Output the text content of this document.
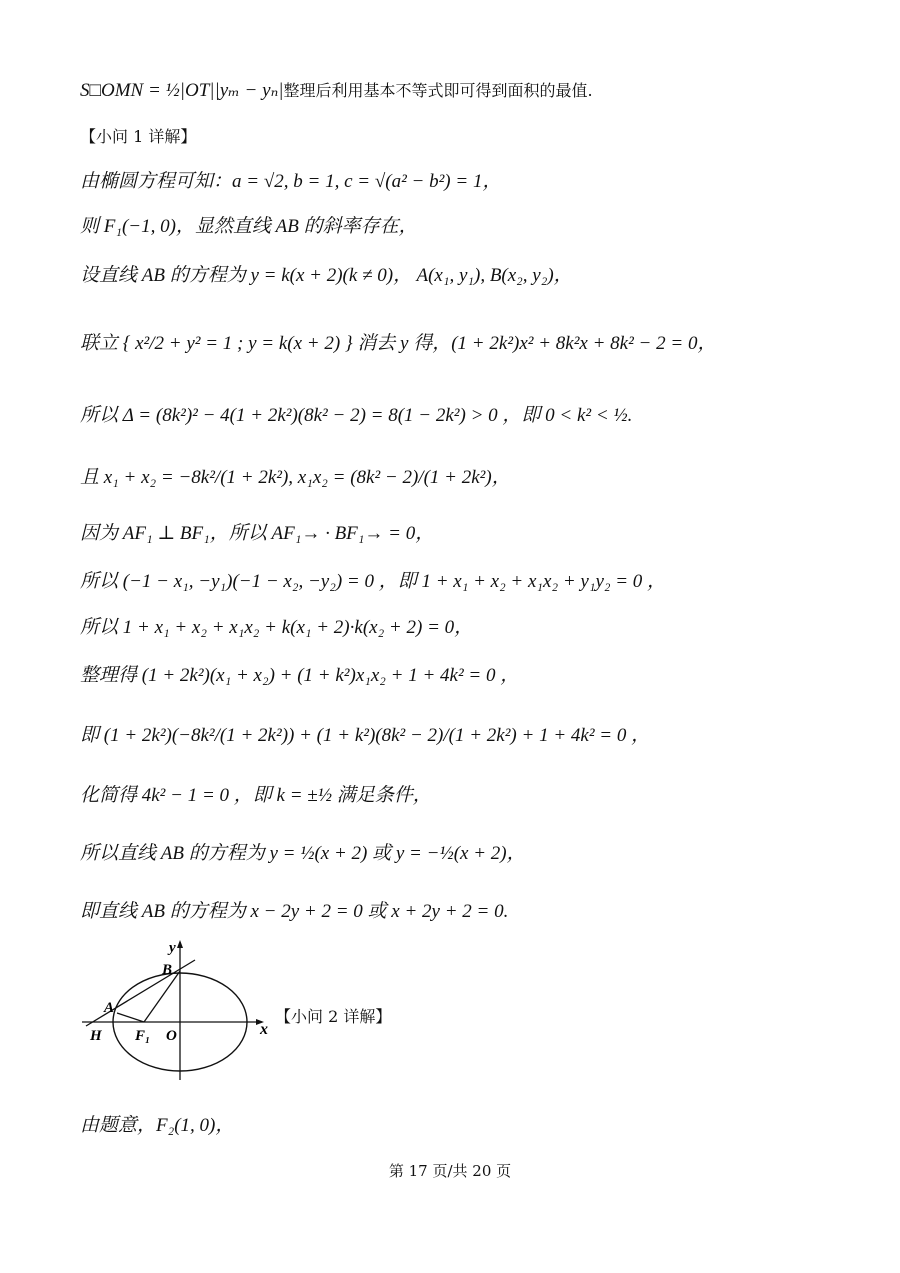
S□OMN = ½|OT||yₘ − yₙ|整理后利用基本不等式即可得到面积的最值.
【小问 1 详解】
由椭圆方程可知：a = √2, b = 1, c = √(a² − b²) = 1，
则 F₁(−1, 0)，显然直线 AB 的斜率存在，
设直线 AB 的方程为 y = k(x + 2)(k ≠ 0)， A(x₁, y₁), B(x₂, y₂)，
联立 { x²/2 + y² = 1 ; y = k(x + 2) } 消去 y 得，(1 + 2k²)x² + 8k²x + 8k² − 2 = 0，
所以 Δ = (8k²)² − 4(1 + 2k²)(8k² − 2) = 8(1 − 2k²) > 0 ，即 0 < k² < ½.
且 x₁ + x₂ = −8k²/(1 + 2k²), x₁x₂ = (8k² − 2)/(1 + 2k²)，
因为 AF₁ ⊥ BF₁，所以 AF₁→ · BF₁→ = 0，
所以 (−1 − x₁, −y₁)(−1 − x₂, −y₂) = 0 ，即 1 + x₁ + x₂ + x₁x₂ + y₁y₂ = 0 ，
所以 1 + x₁ + x₂ + x₁x₂ + k(x₁ + 2)·k(x₂ + 2) = 0，
整理得 (1 + 2k²)(x₁ + x₂) + (1 + k²)x₁x₂ + 1 + 4k² = 0 ，
即 (1 + 2k²)(−8k²/(1 + 2k²)) + (1 + k²)(8k² − 2)/(1 + 2k²) + 1 + 4k² = 0 ，
化简得 4k² − 1 = 0 ，即 k = ±½ 满足条件，
所以直线 AB 的方程为 y = ½(x + 2) 或 y = −½(x + 2)，
即直线 AB 的方程为 x − 2y + 2 = 0 或 x + 2y + 2 = 0.
【小问 2 详解】
由题意，F₂(1, 0)，
y
x
B
A
H F₁ O
第 17 页/共 20 页
